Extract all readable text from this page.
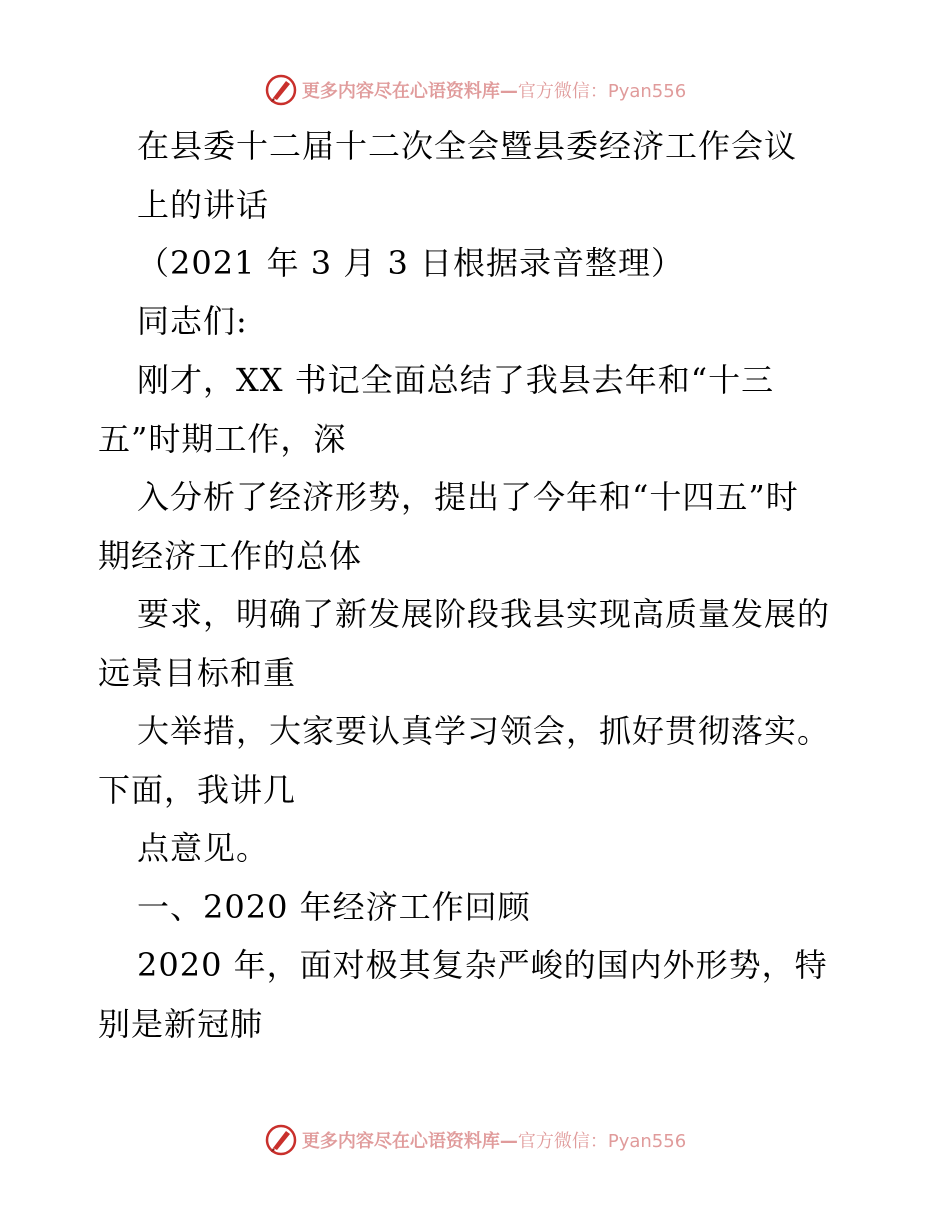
更多内容尽在心语资料库— 官方微信：Pyan556
在县委十二届十二次全会暨县委经济工作会议
上的讲话
（2021 年 3 月 3 日根据录音整理）
同志们:
刚才，XX 书记全面总结了我县去年和“十三
五”时期工作，深
入分析了经济形势，提出了今年和“十四五”时
期经济工作的总体
要求，明确了新发展阶段我县实现高质量发展的
远景目标和重
大举措，大家要认真学习领会，抓好贯彻落实。
下面，我讲几
点意见。
一、2020 年经济工作回顾
2020 年，面对极其复杂严峻的国内外形势，特
别是新冠肺
更多内容尽在心语资料库— 官方微信：Pyan556
